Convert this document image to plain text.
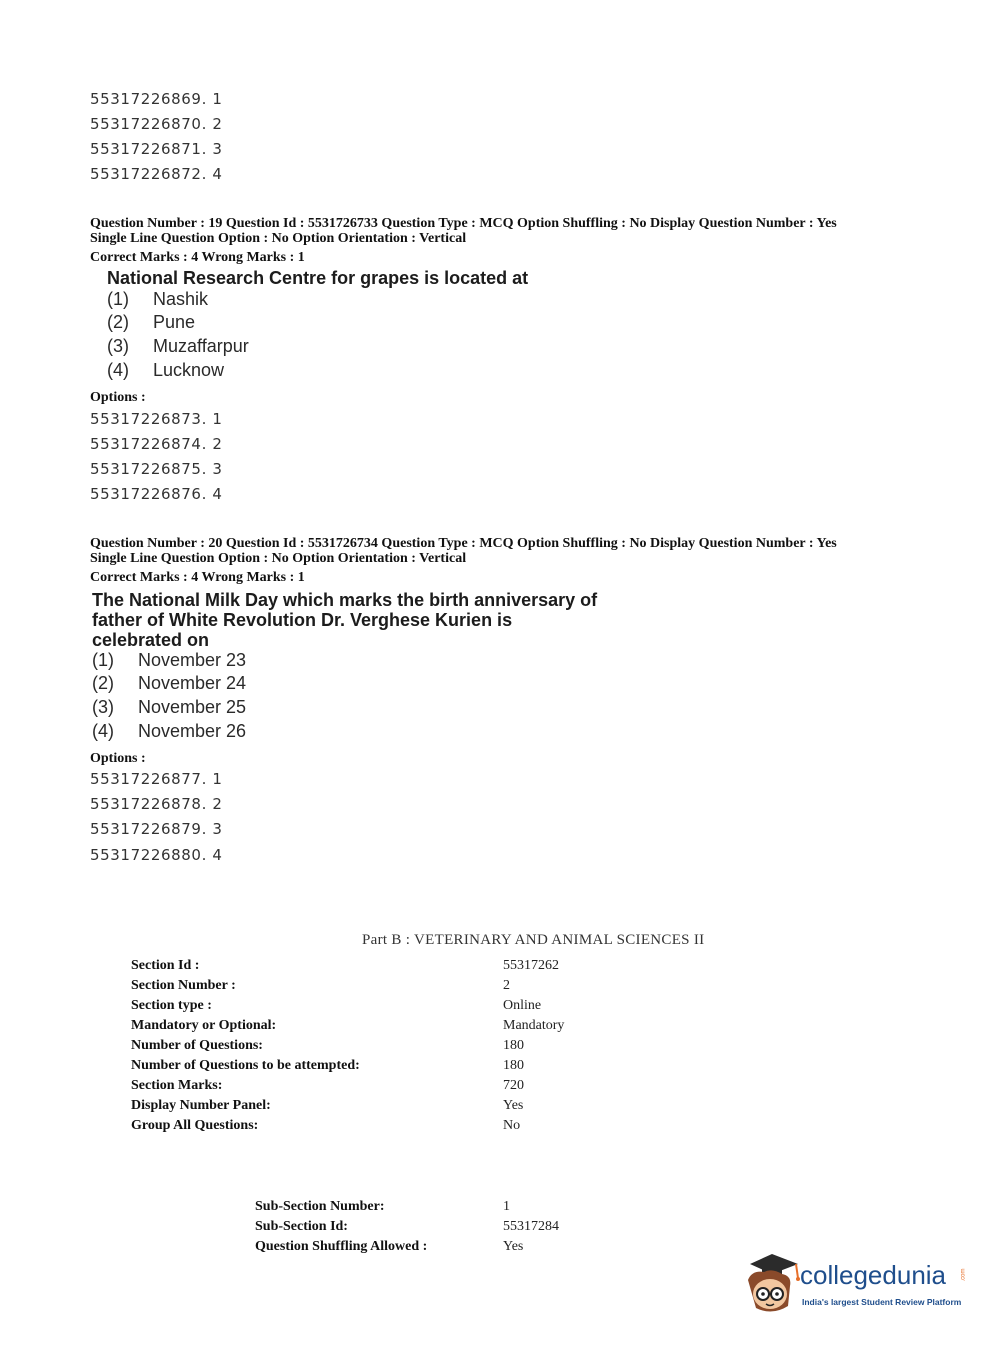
55317226869. 1
55317226870. 2
55317226871. 3
55317226872. 4
Question Number : 19 Question Id : 5531726733 Question Type : MCQ Option Shuffling : No Display Question Number : Yes
Single Line Question Option : No Option Orientation : Vertical
Correct Marks : 4 Wrong Marks : 1
National Research Centre for grapes is located at
(1) Nashik
(2) Pune
(3) Muzaffarpur
(4) Lucknow
Options :
55317226873. 1
55317226874. 2
55317226875. 3
55317226876. 4
Question Number : 20 Question Id : 5531726734 Question Type : MCQ Option Shuffling : No Display Question Number : Yes
Single Line Question Option : No Option Orientation : Vertical
Correct Marks : 4 Wrong Marks : 1
The National Milk Day which marks the birth anniversary of
father of White Revolution Dr. Verghese Kurien is
celebrated on
(1) November 23
(2) November 24
(3) November 25
(4) November 26
Options :
55317226877. 1
55317226878. 2
55317226879. 3
55317226880. 4
Part B : VETERINARY AND ANIMAL SCIENCES II
Section Id :	55317262
Section Number :	2
Section type :	Online
Mandatory or Optional:	Mandatory
Number of Questions:	180
Number of Questions to be attempted:	180
Section Marks:	720
Display Number Panel:	Yes
Group All Questions:	No
Sub-Section Number:	1
Sub-Section Id:	55317284
Question Shuffling Allowed :	Yes
collegedunia .com
India's largest Student Review Platform
